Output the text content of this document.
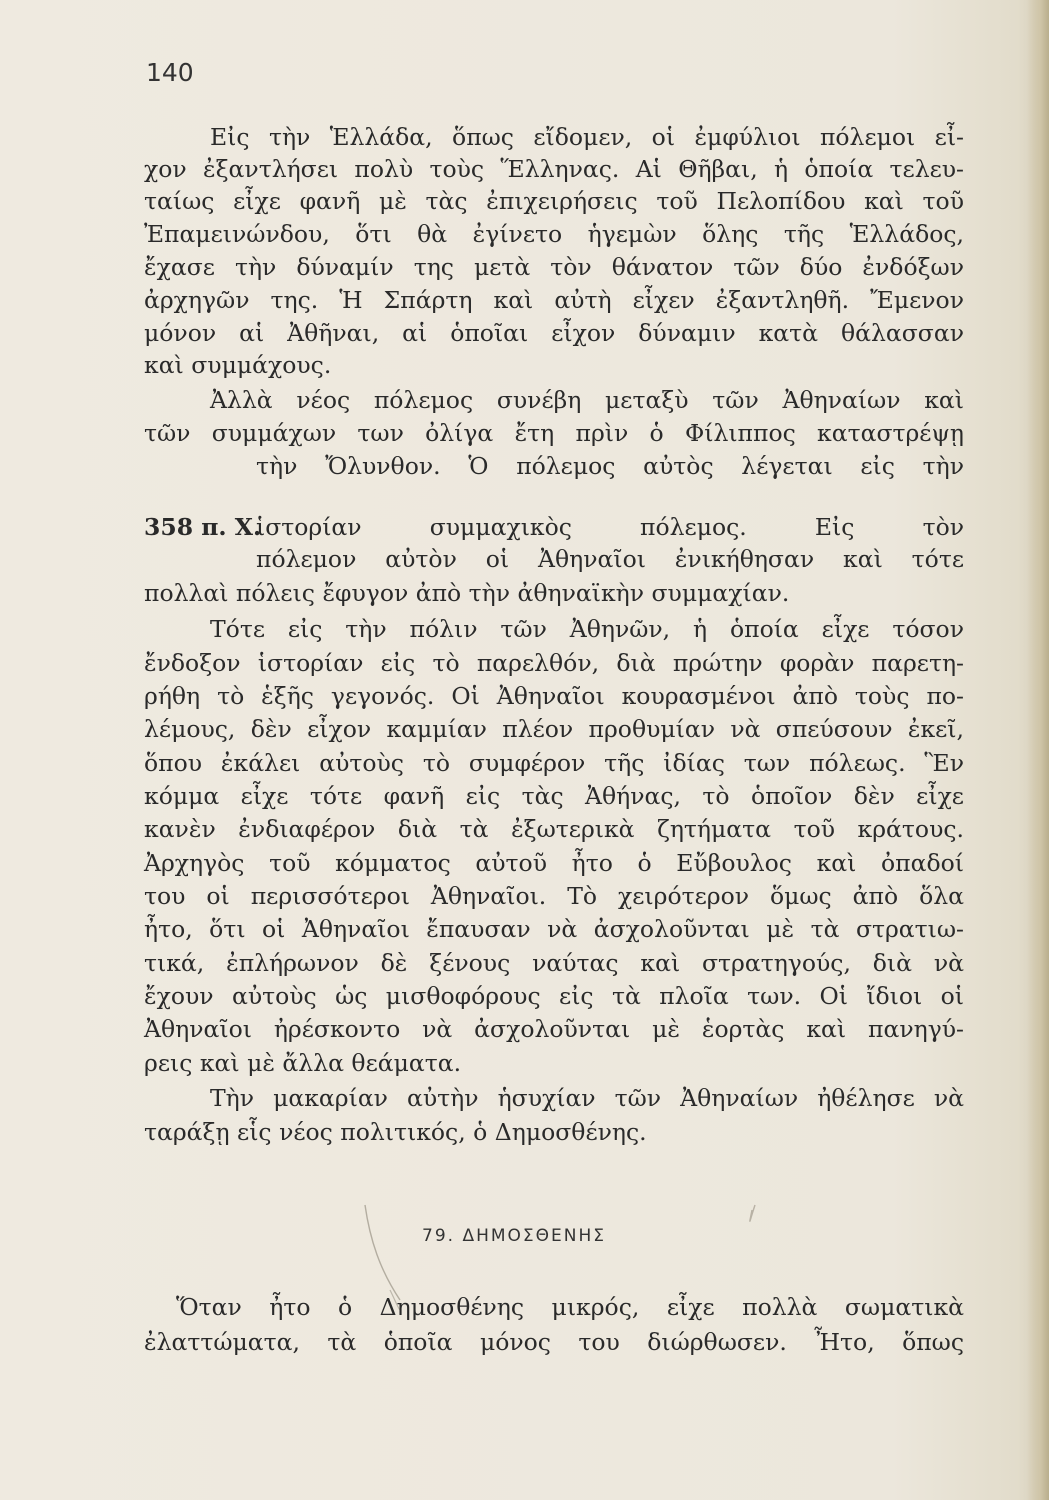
140
Εἰς τὴν Ἑλλάδα, ὅπως εἴδομεν, οἱ ἐμφύλιοι πόλεμοι εἶ-
χον ἐξαντλήσει πολὺ τοὺς Ἕλληνας. Αἱ Θῆβαι, ἡ ὁποία τελευ-
ταίως εἶχε φανῆ μὲ τὰς ἐπιχειρήσεις τοῦ Πελοπίδου καὶ τοῦ
Ἐπαμεινώνδου, ὅτι θὰ ἐγίνετο ἡγεμὼν ὅλης τῆς Ἑλλάδος,
ἔχασε τὴν δύναμίν της μετὰ τὸν θάνατον τῶν δύο ἐνδόξων
ἀρχηγῶν της. Ἡ Σπάρτη καὶ αὐτὴ εἶχεν ἐξαντληθῆ. Ἔμενον
μόνον αἱ Ἀθῆναι, αἱ ὁποῖαι εἶχον δύναμιν κατὰ θάλασσαν
καὶ συμμάχους.
Ἀλλὰ νέος πόλεμος συνέβη μεταξὺ τῶν Ἀθηναίων καὶ
τῶν συμμάχων των ὀλίγα ἔτη πρὶν ὁ Φίλιππος καταστρέψῃ
τὴν Ὄλυνθον. Ὁ πόλεμος αὐτὸς λέγεται εἰς τὴν
358 π. Χ.
ἱστορίαν συμμαχικὸς πόλεμος. Εἰς τὸν
πόλεμον αὐτὸν οἱ Ἀθηναῖοι ἐνικήθησαν καὶ τότε
πολλαὶ πόλεις ἔφυγον ἀπὸ τὴν ἀθηναϊκὴν συμμαχίαν.
Τότε εἰς τὴν πόλιν τῶν Ἀθηνῶν, ἡ ὁποία εἶχε τόσον
ἔνδοξον ἱστορίαν εἰς τὸ παρελθόν, διὰ πρώτην φορὰν παρετη-
ρήθη τὸ ἑξῆς γεγονός. Οἱ Ἀθηναῖοι κουρασμένοι ἀπὸ τοὺς πο-
λέμους, δὲν εἶχον καμμίαν πλέον προθυμίαν νὰ σπεύσουν ἐκεῖ,
ὅπου ἐκάλει αὐτοὺς τὸ συμφέρον τῆς ἰδίας των πόλεως. Ἓν
κόμμα εἶχε τότε φανῆ εἰς τὰς Ἀθήνας, τὸ ὁποῖον δὲν εἶχε
κανὲν ἐνδιαφέρον διὰ τὰ ἐξωτερικὰ ζητήματα τοῦ κράτους.
Ἀρχηγὸς τοῦ κόμματος αὐτοῦ ἦτο ὁ Εὔβουλος καὶ ὀπαδοί
του οἱ περισσότεροι Ἀθηναῖοι. Τὸ χειρότερον ὅμως ἀπὸ ὅλα
ἦτο, ὅτι οἱ Ἀθηναῖοι ἔπαυσαν νὰ ἀσχολοῦνται μὲ τὰ στρατιω-
τικά, ἐπλήρωνον δὲ ξένους ναύτας καὶ στρατηγούς, διὰ νὰ
ἔχουν αὐτοὺς ὡς μισθοφόρους εἰς τὰ πλοῖα των. Οἱ ἴδιοι οἱ
Ἀθηναῖοι ἠρέσκοντο νὰ ἀσχολοῦνται μὲ ἑορτὰς καὶ πανηγύ-
ρεις καὶ μὲ ἄλλα θεάματα.
Τὴν μακαρίαν αὐτὴν ἡσυχίαν τῶν Ἀθηναίων ἠθέλησε νὰ
ταράξῃ εἷς νέος πολιτικός, ὁ Δημοσθένης.
79. ΔΗΜΟΣΘΕΝΗΣ
Ὅταν ἦτο ὁ Δημοσθένης μικρός, εἶχε πολλὰ σωματικὰ
ἐλαττώματα, τὰ ὁποῖα μόνος του διώρθωσεν. Ἦτο, ὅπως
